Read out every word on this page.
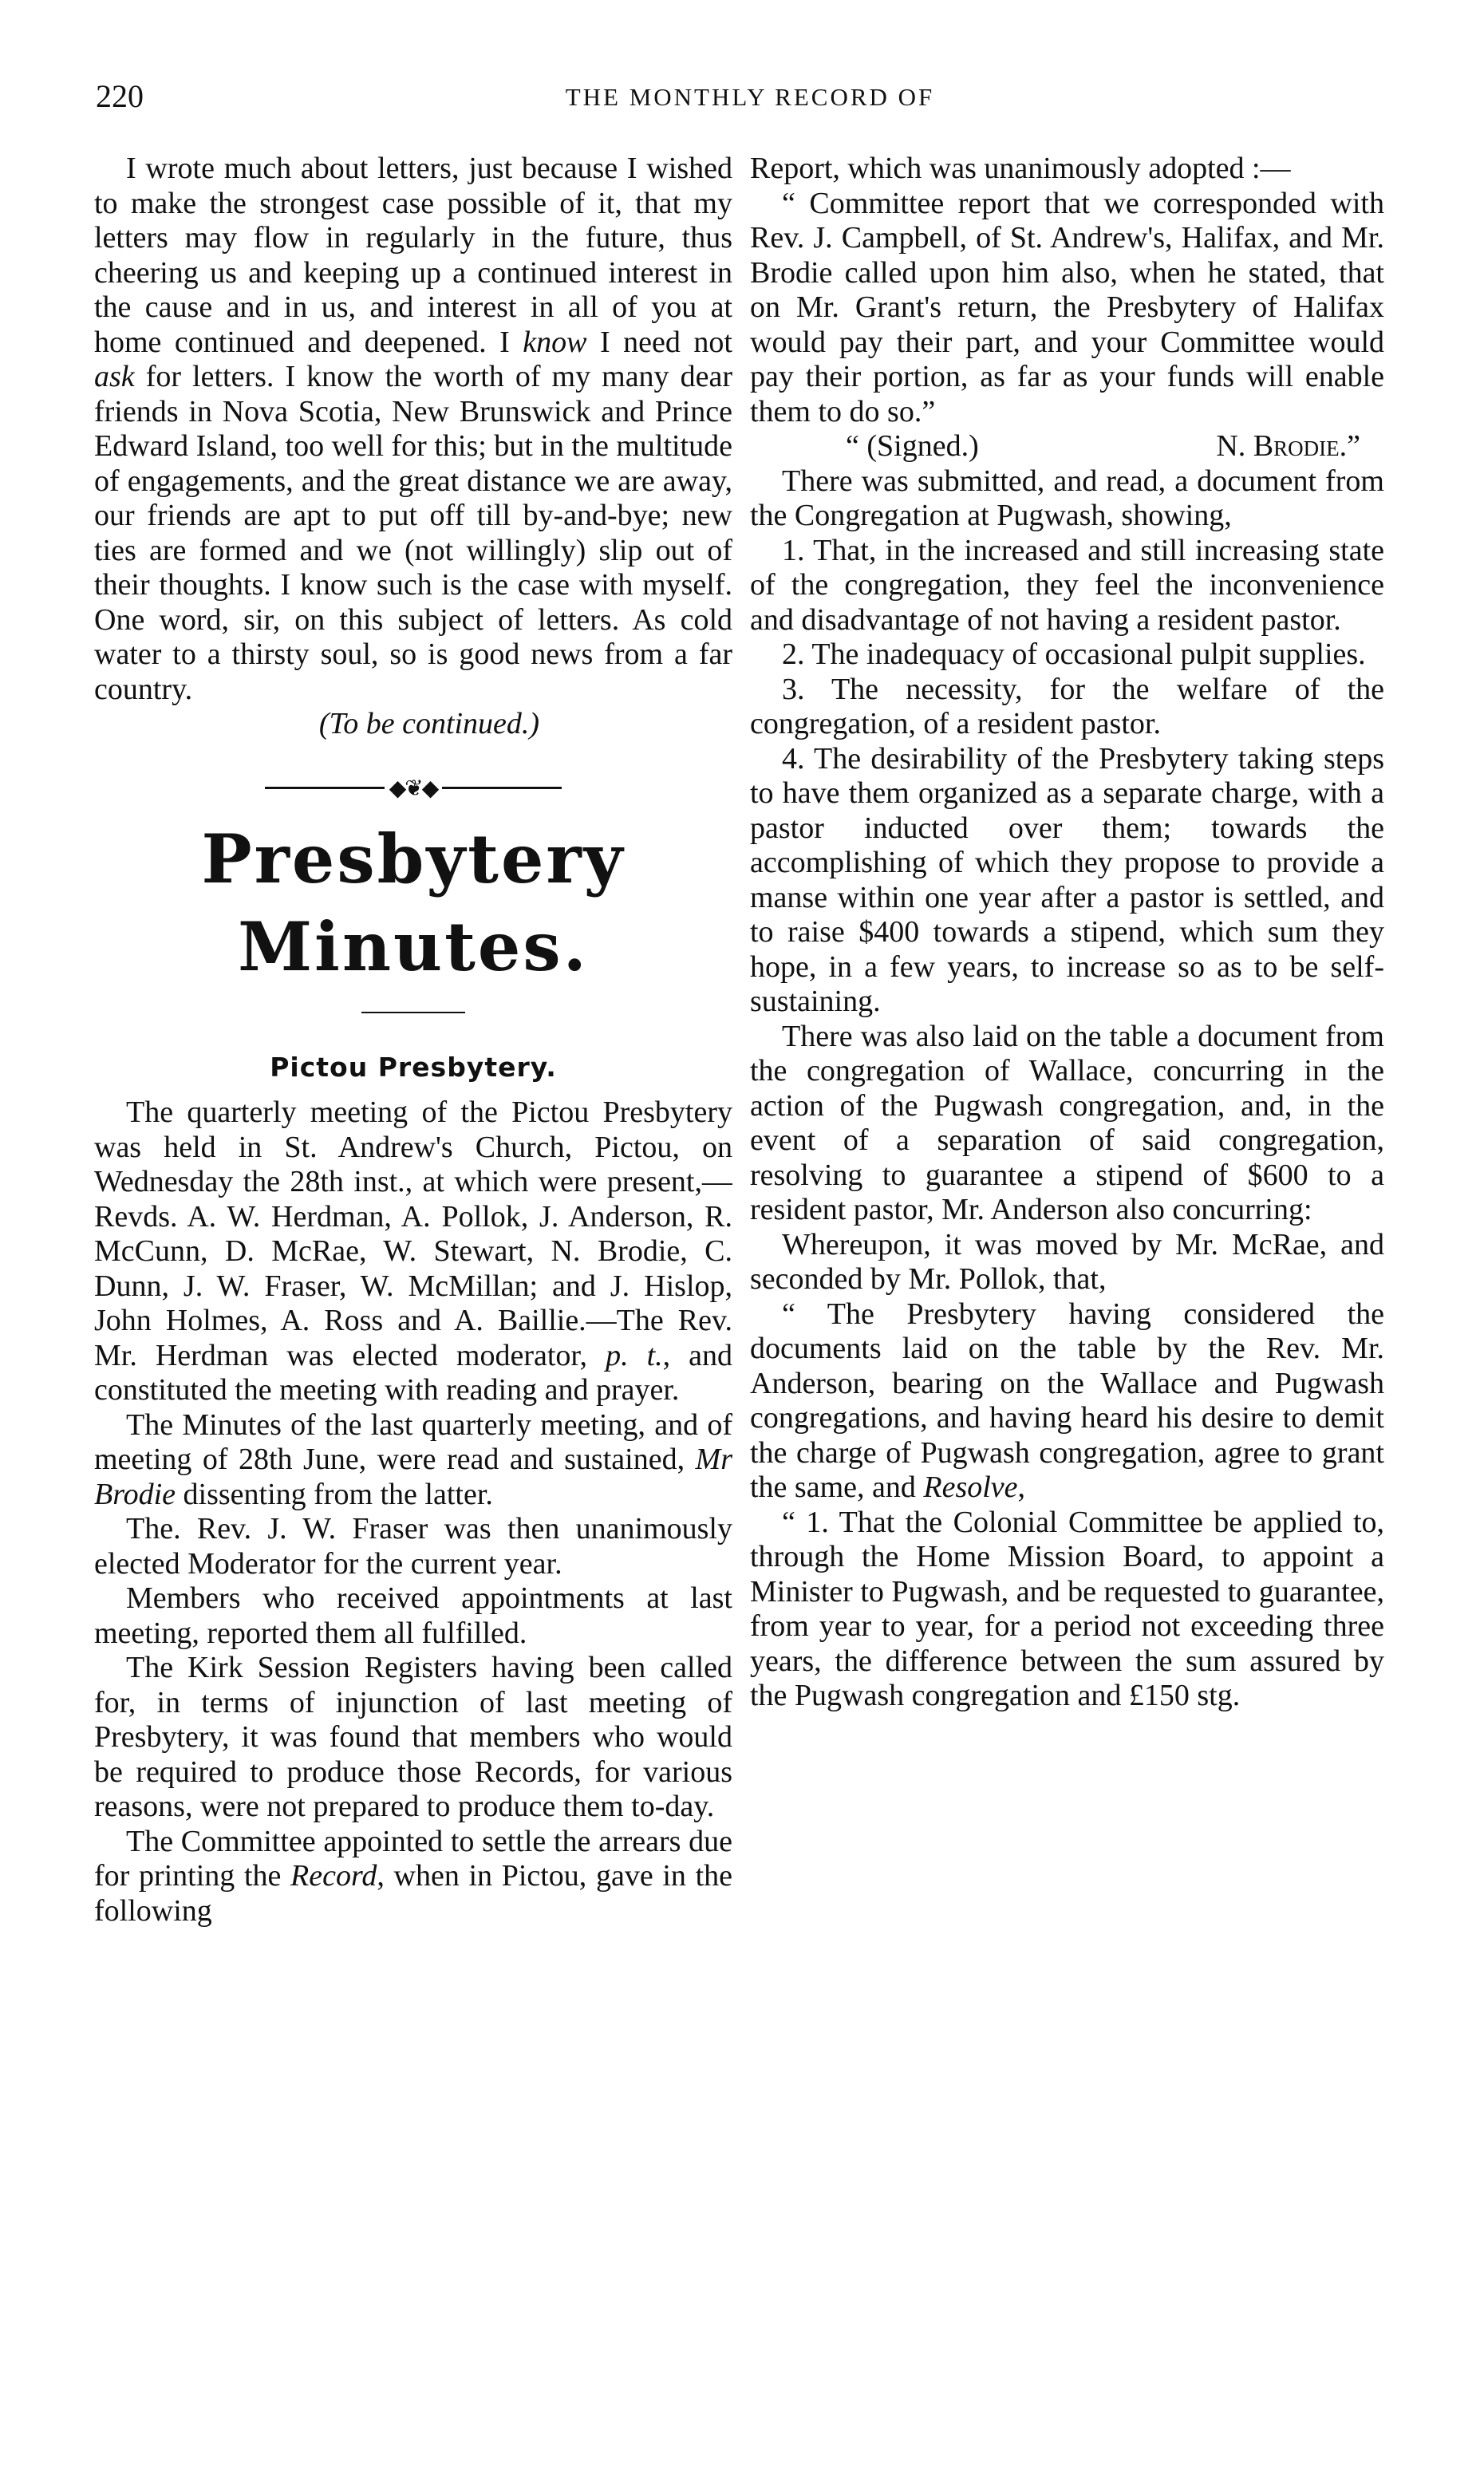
220	THE MONTHLY RECORD OF

I wrote much about letters, just because I wished to make the strongest case possible of it, that my letters may flow in regularly in the future, thus cheering us and keeping up a continued interest in the cause and in us, and interest in all of you at home continued and deepened. I know I need not ask for letters. I know the worth of my many dear friends in Nova Scotia, New Brunswick and Prince Edward Island, too well for this; but in the multitude of engagements, and the great distance we are away, our friends are apt to put off till by-and-bye; new ties are formed and we (not willingly) slip out of their thoughts. I know such is the case with myself. One word, sir, on this subject of letters. As cold water to a thirsty soul, so is good news from a far country.

(To be continued.)

◆❦◆
Presbytery Minutes.
Pictou Presbytery.

The quarterly meeting of the Pictou Presbytery was held in St. Andrew's Church, Pictou, on Wednesday the 28th inst., at which were present,—Revds. A. W. Herdman, A. Pollok, J. Anderson, R. McCunn, D. McRae, W. Stewart, N. Brodie, C. Dunn, J. W. Fraser, W. McMillan; and J. Hislop, John Holmes, A. Ross and A. Baillie.—The Rev. Mr. Herdman was elected moderator, p. t., and constituted the meeting with reading and prayer.

The Minutes of the last quarterly meeting, and of meeting of 28th June, were read and sustained, Mr Brodie dissenting from the latter.

The. Rev. J. W. Fraser was then unanimously elected Moderator for the current year.

Members who received appointments at last meeting, reported them all fulfilled.

The Kirk Session Registers having been called for, in terms of injunction of last meeting of Presbytery, it was found that members who would be required to produce those Records, for various reasons, were not prepared to produce them to-day.

The Committee appointed to settle the arrears due for printing the Record, when in Pictou, gave in the following

Report, which was unanimously adopted :—

“ Committee report that we corresponded with Rev. J. Campbell, of St. Andrew's, Halifax, and Mr. Brodie called upon him also, when he stated, that on Mr. Grant's return, the Presbytery of Halifax would pay their part, and your Committee would pay their portion, as far as your funds will enable them to do so.”

“ (Signed.)	N. Brodie.”

There was submitted, and read, a document from the Congregation at Pugwash, showing,

1. That, in the increased and still increasing state of the congregation, they feel the inconvenience and disadvantage of not having a resident pastor.

2. The inadequacy of occasional pulpit supplies.

3. The necessity, for the welfare of the congregation, of a resident pastor.

4. The desirability of the Presbytery taking steps to have them organized as a separate charge, with a pastor inducted over them; towards the accomplishing of which they propose to provide a manse within one year after a pastor is settled, and to raise $400 towards a stipend, which sum they hope, in a few years, to increase so as to be self-sustaining.

There was also laid on the table a document from the congregation of Wallace, concurring in the action of the Pugwash congregation, and, in the event of a separation of said congregation, resolving to guarantee a stipend of $600 to a resident pastor, Mr. Anderson also concurring:

Whereupon, it was moved by Mr. McRae, and seconded by Mr. Pollok, that,

“ The Presbytery having considered the documents laid on the table by the Rev. Mr. Anderson, bearing on the Wallace and Pugwash congregations, and having heard his desire to demit the charge of Pugwash congregation, agree to grant the same, and Resolve,

“ 1. That the Colonial Committee be applied to, through the Home Mission Board, to appoint a Minister to Pugwash, and be requested to guarantee, from year to year, for a period not exceeding three years, the difference between the sum assured by the Pugwash congregation and £150 stg.
